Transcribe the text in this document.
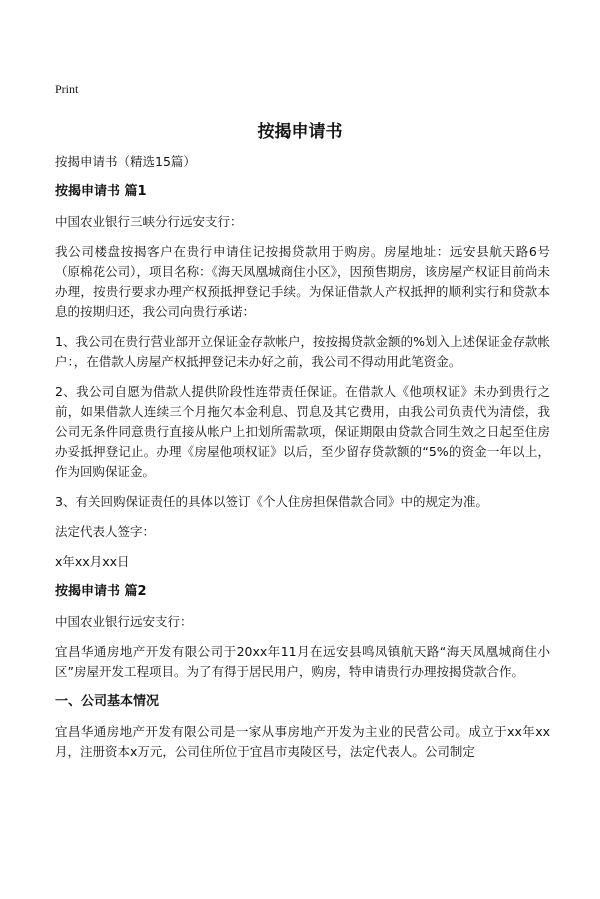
Print
按揭申请书

按揭申请书（精选15篇）

按揭申请书 篇1

中国农业银行三峡分行远安支行：

我公司楼盘按揭客户在贵行申请住记按揭贷款用于购房。房屋地址：远安县航天路6号（原棉花公司），项目名称：《海天凤凰城商住小区》，因预售期房，该房屋产权证目前尚未办理，按贵行要求办理产权预抵押登记手续。为保证借款人产权抵押的顺利实行和贷款本息的按期归还，我公司向贵行承诺：

1、我公司在贵行营业部开立保证金存款帐户，按按揭贷款金额的%划入上述保证金存款帐户：，在借款人房屋产权抵押登记未办好之前，我公司不得动用此笔资金。

2、我公司自愿为借款人提供阶段性连带责任保证。在借款人《他项权证》未办到贵行之前，如果借款人连续三个月拖欠本金利息、罚息及其它费用，由我公司负责代为清偿，我公司无条件同意贵行直接从帐户上扣划所需款项，保证期限由贷款合同生效之日起至住房办妥抵押登记止。办理《房屋他项权证》以后，至少留存贷款额的“5%的资金一年以上，作为回购保证金。

3、有关回购保证责任的具体以签订《个人住房担保借款合同》中的规定为准。

法定代表人签字：

x年xx月xx日

按揭申请书 篇2

中国农业银行远安支行：

宜昌华通房地产开发有限公司于20xx年11月在远安县鸣凤镇航天路“海天凤凰城商住小区”房屋开发工程项目。为了有得于居民用户，购房，特申请贵行办理按揭贷款合作。

一、公司基本情况

宜昌华通房地产开发有限公司是一家从事房地产开发为主业的民营公司。成立于xx年xx月，注册资本x万元，公司住所位于宜昌市夷陵区号，法定代表人。公司制定
